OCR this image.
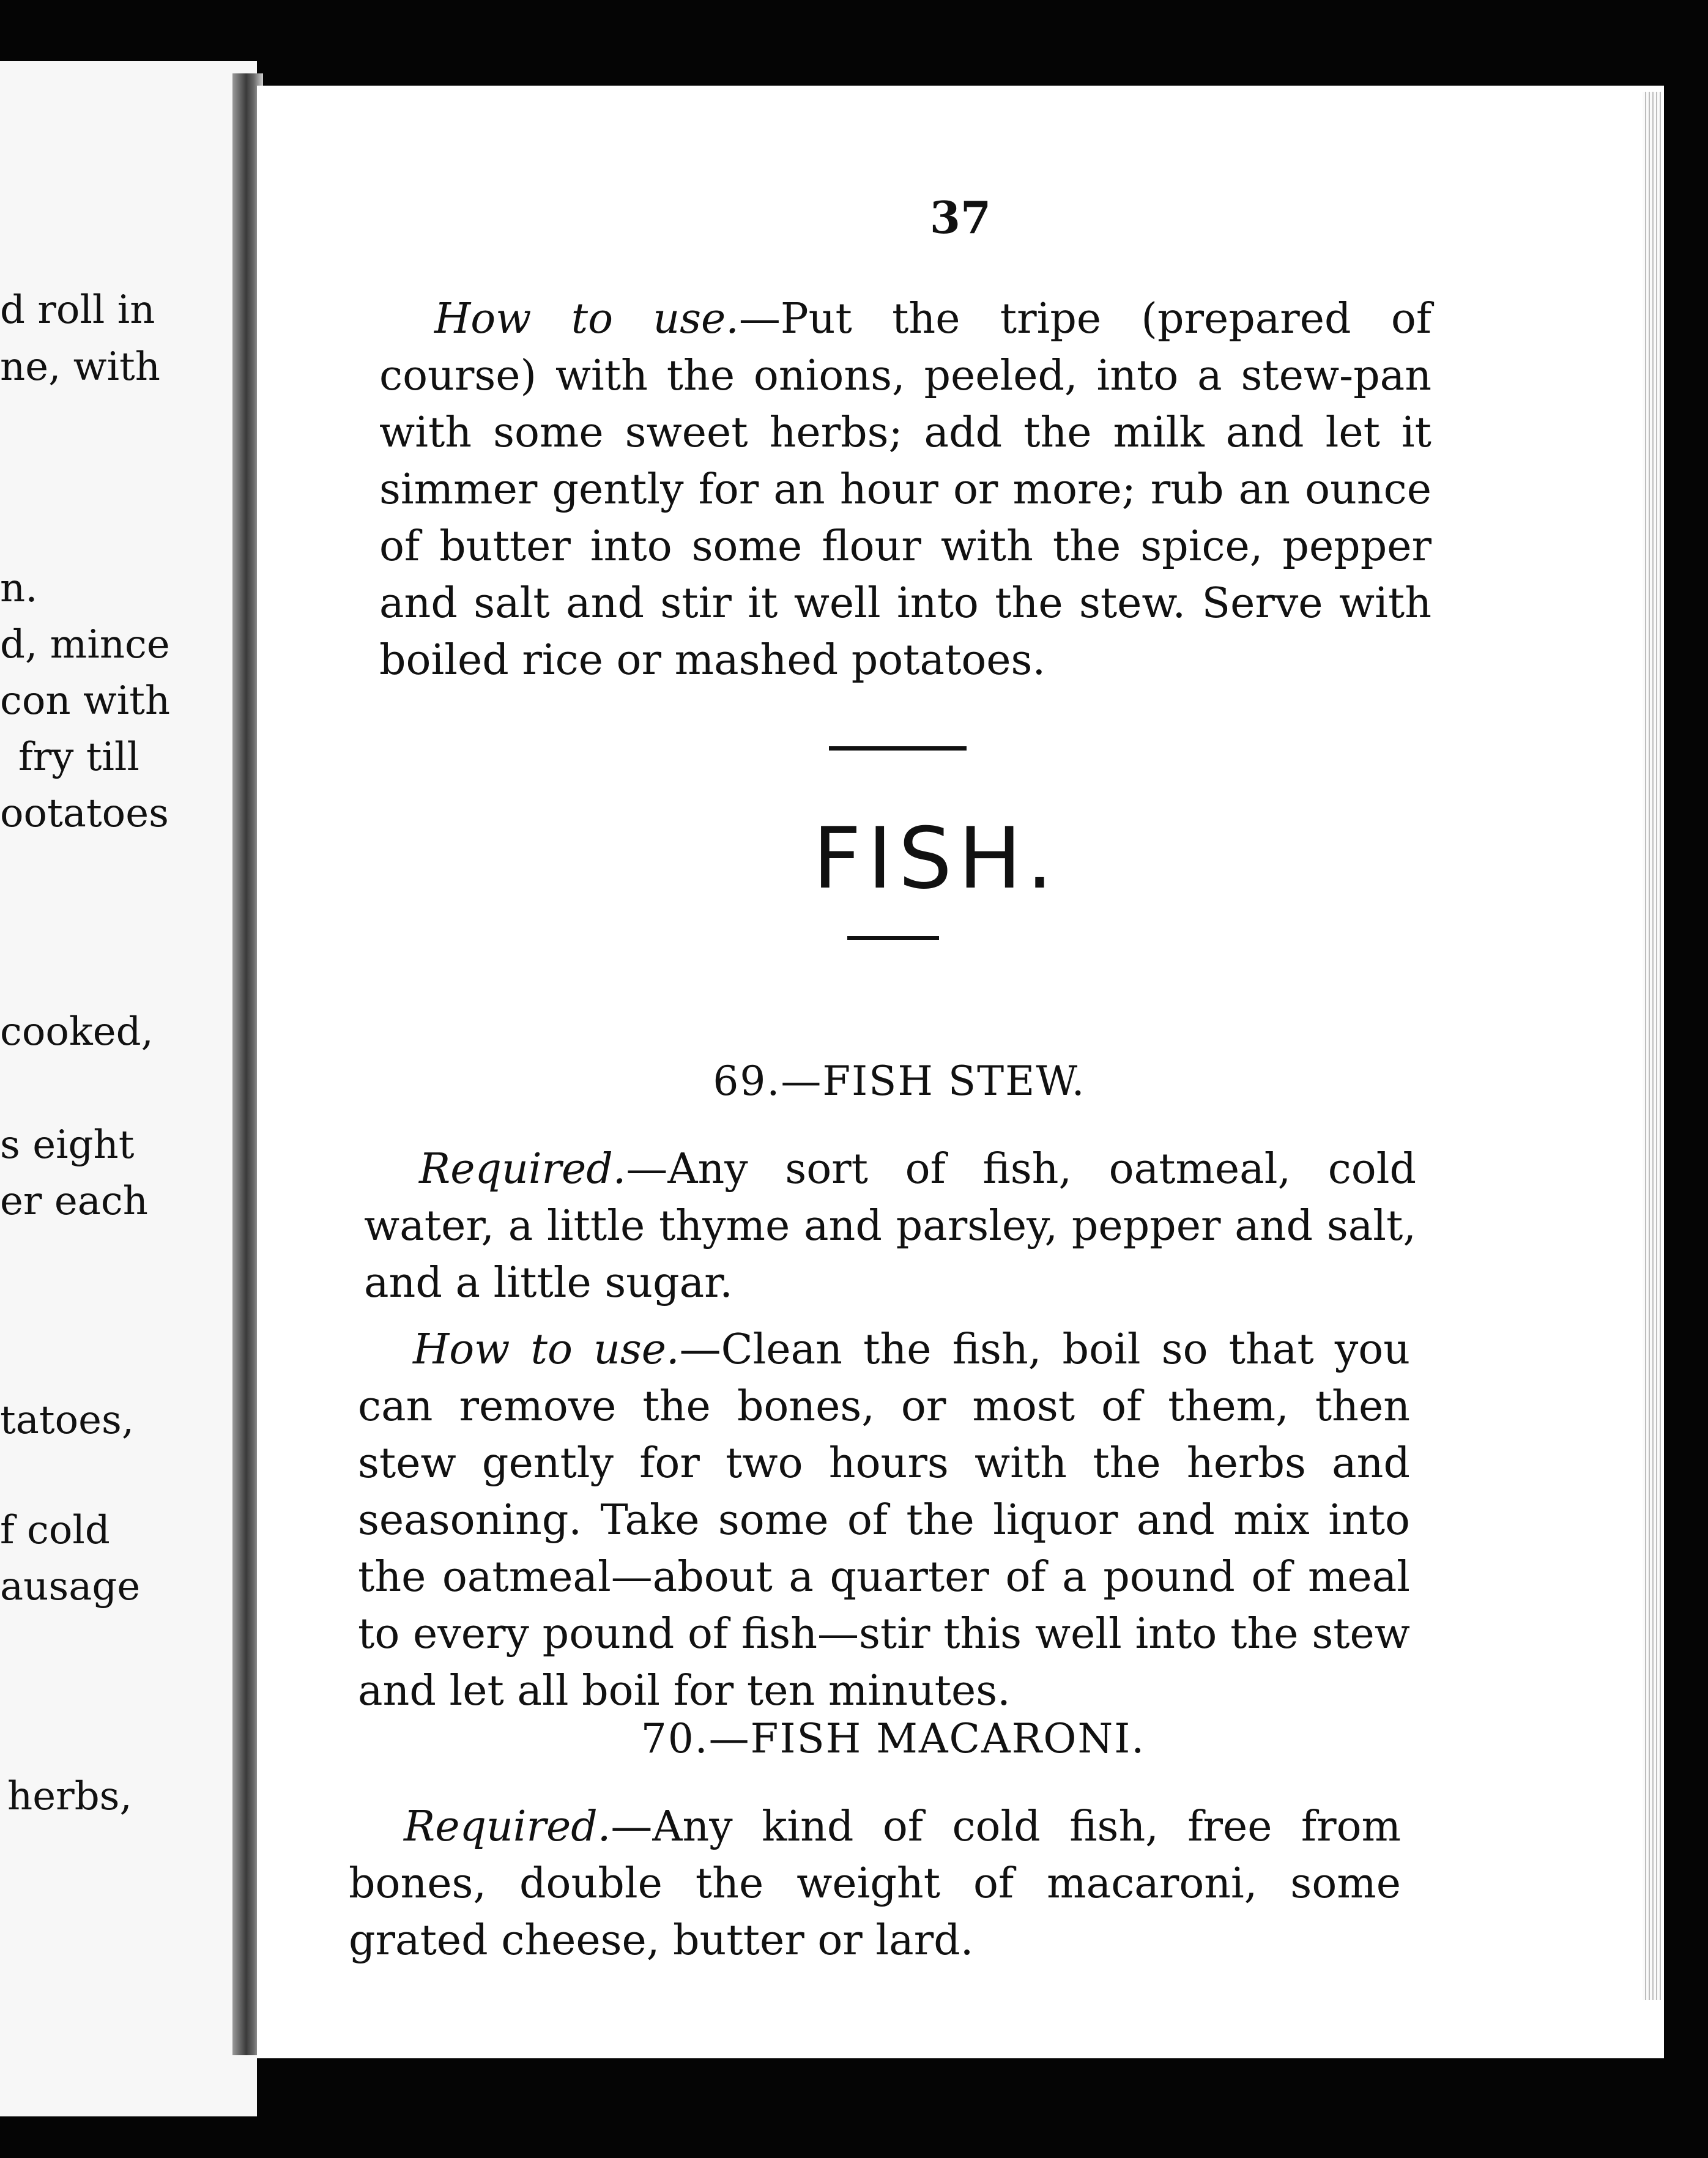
d roll in
ne, with
n.
d, mince
con with
fry till
ootatoes
cooked,
s eight
er each
tatoes,
f cold
ausage
herbs,
37
How to use.—Put the tripe (prepared of course) with the onions, peeled, into a stew-pan with some sweet herbs; add the milk and let it simmer gently for an hour or more; rub an ounce of butter into some flour with the spice, pepper and salt and stir it well into the stew. Serve with boiled rice or mashed potatoes.
FISH.
69.—FISH STEW.
Required.—Any sort of fish, oatmeal, cold water, a little thyme and parsley, pepper and salt, and a little sugar.
How to use.—Clean the fish, boil so that you can remove the bones, or most of them, then stew gently for two hours with the herbs and seasoning. Take some of the liquor and mix into the oatmeal—about a quarter of a pound of meal to every pound of fish—stir this well into the stew and let all boil for ten minutes.
70.—FISH MACARONI.
Required.—Any kind of cold fish, free from bones, double the weight of macaroni, some grated cheese, butter or lard.
